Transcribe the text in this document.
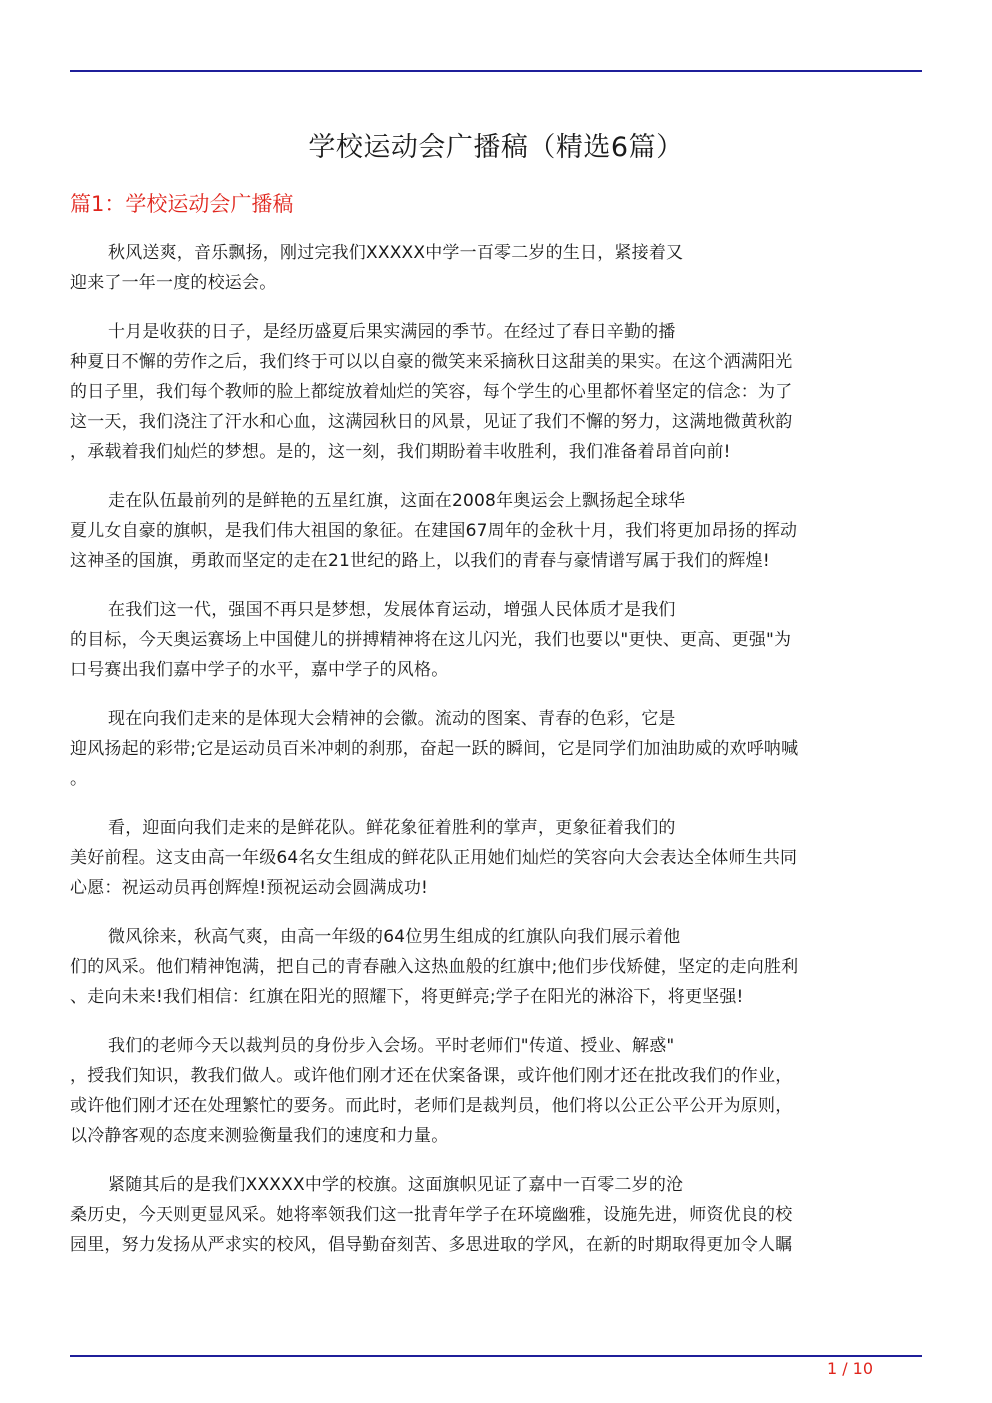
学校运动会广播稿（精选6篇）
篇1：学校运动会广播稿
秋风送爽，音乐飘扬，刚过完我们XXXXX中学一百零二岁的生日，紧接着又
迎来了一年一度的校运会。
十月是收获的日子，是经历盛夏后果实满园的季节。在经过了春日辛勤的播
种夏日不懈的劳作之后，我们终于可以以自豪的微笑来采摘秋日这甜美的果实。在这个洒满阳光
的日子里，我们每个教师的脸上都绽放着灿烂的笑容，每个学生的心里都怀着坚定的信念：为了
这一天，我们浇注了汗水和心血，这满园秋日的风景，见证了我们不懈的努力，这满地微黄秋韵
，承载着我们灿烂的梦想。是的，这一刻，我们期盼着丰收胜利，我们准备着昂首向前!
走在队伍最前列的是鲜艳的五星红旗，这面在2008年奥运会上飘扬起全球华
夏儿女自豪的旗帜，是我们伟大祖国的象征。在建国67周年的金秋十月，我们将更加昂扬的挥动
这神圣的国旗，勇敢而坚定的走在21世纪的路上，以我们的青春与豪情谱写属于我们的辉煌!
在我们这一代，强国不再只是梦想，发展体育运动，增强人民体质才是我们
的目标，今天奥运赛场上中国健儿的拼搏精神将在这儿闪光，我们也要以"更快、更高、更强"为
口号赛出我们嘉中学子的水平，嘉中学子的风格。
现在向我们走来的是体现大会精神的会徽。流动的图案、青春的色彩，它是
迎风扬起的彩带;它是运动员百米冲刺的刹那，奋起一跃的瞬间，它是同学们加油助威的欢呼呐喊
。
看，迎面向我们走来的是鲜花队。鲜花象征着胜利的掌声，更象征着我们的
美好前程。这支由高一年级64名女生组成的鲜花队正用她们灿烂的笑容向大会表达全体师生共同
心愿：祝运动员再创辉煌!预祝运动会圆满成功!
微风徐来，秋高气爽，由高一年级的64位男生组成的红旗队向我们展示着他
们的风采。他们精神饱满，把自己的青春融入这热血般的红旗中;他们步伐矫健，坚定的走向胜利
、走向未来!我们相信：红旗在阳光的照耀下，将更鲜亮;学子在阳光的淋浴下，将更坚强!
我们的老师今天以裁判员的身份步入会场。平时老师们"传道、授业、解惑"
，授我们知识，教我们做人。或许他们刚才还在伏案备课，或许他们刚才还在批改我们的作业，
或许他们刚才还在处理繁忙的要务。而此时，老师们是裁判员，他们将以公正公平公开为原则，
以冷静客观的态度来测验衡量我们的速度和力量。
紧随其后的是我们XXXXX中学的校旗。这面旗帜见证了嘉中一百零二岁的沧
桑历史，今天则更显风采。她将率领我们这一批青年学子在环境幽雅，设施先进，师资优良的校
园里，努力发扬从严求实的校风，倡导勤奋刻苦、多思进取的学风，在新的时期取得更加令人瞩
1 / 10
